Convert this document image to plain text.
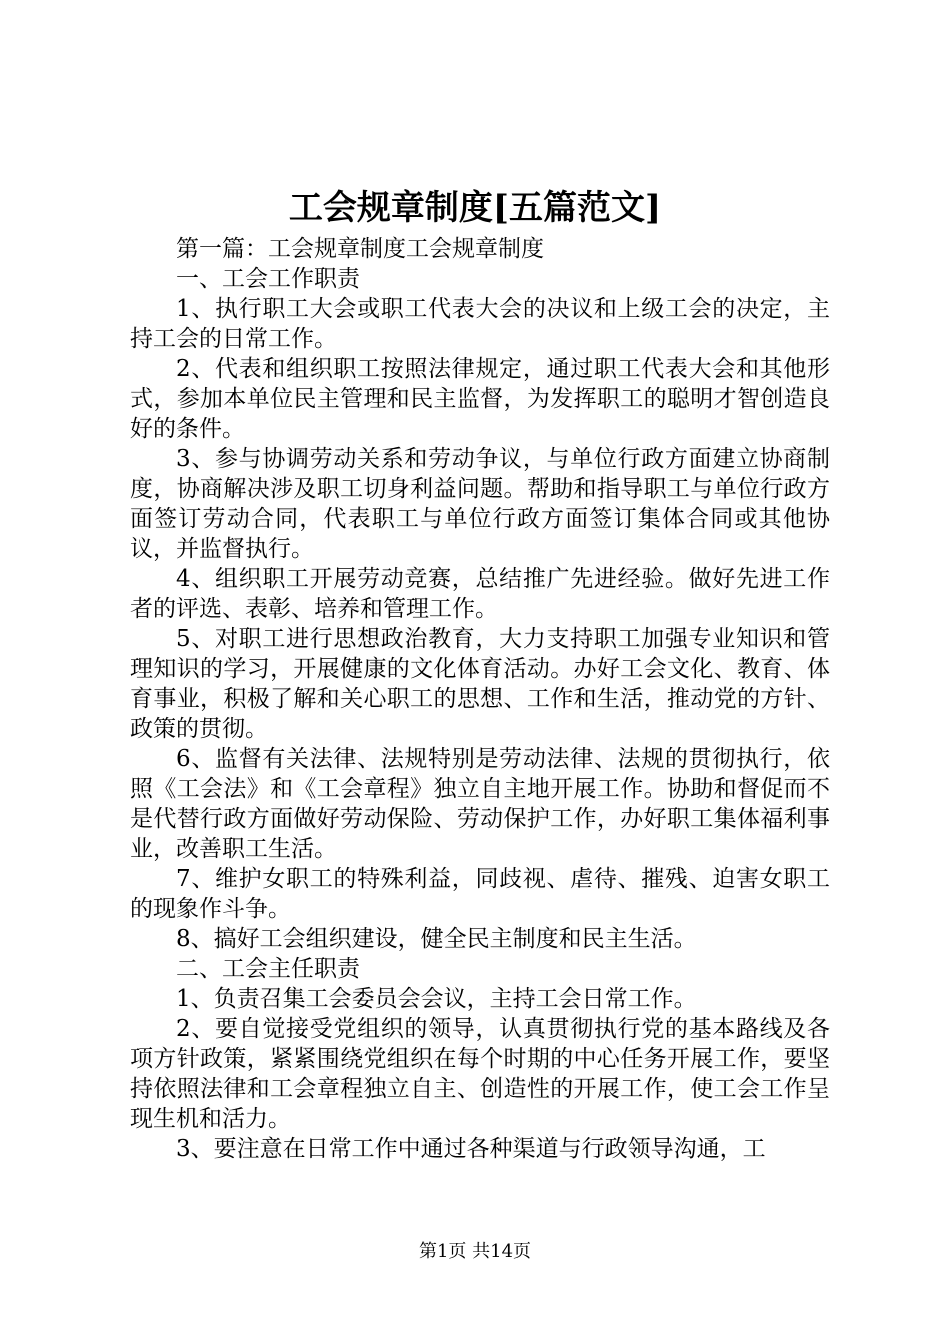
工会规章制度[五篇范文]

第一篇：工会规章制度工会规章制度

一、工会工作职责

1、执行职工大会或职工代表大会的决议和上级工会的决定，主持工会的日常工作。

2、代表和组织职工按照法律规定，通过职工代表大会和其他形式，参加本单位民主管理和民主监督，为发挥职工的聪明才智创造良好的条件。

3、参与协调劳动关系和劳动争议，与单位行政方面建立协商制度，协商解决涉及职工切身利益问题。帮助和指导职工与单位行政方面签订劳动合同，代表职工与单位行政方面签订集体合同或其他协议，并监督执行。

4、组织职工开展劳动竞赛，总结推广先进经验。做好先进工作者的评选、表彰、培养和管理工作。

5、对职工进行思想政治教育，大力支持职工加强专业知识和管理知识的学习，开展健康的文化体育活动。办好工会文化、教育、体育事业，积极了解和关心职工的思想、工作和生活，推动党的方针、政策的贯彻。

6、监督有关法律、法规特别是劳动法律、法规的贯彻执行，依照《工会法》和《工会章程》独立自主地开展工作。协助和督促而不是代替行政方面做好劳动保险、劳动保护工作，办好职工集体福利事业，改善职工生活。

7、维护女职工的特殊利益，同歧视、虐待、摧残、迫害女职工的现象作斗争。

8、搞好工会组织建设，健全民主制度和民主生活。

二、工会主任职责

1、负责召集工会委员会会议，主持工会日常工作。

2、要自觉接受党组织的领导，认真贯彻执行党的基本路线及各项方针政策，紧紧围绕党组织在每个时期的中心任务开展工作，要坚持依照法律和工会章程独立自主、创造性的开展工作，使工会工作呈现生机和活力。

3、要注意在日常工作中通过各种渠道与行政领导沟通，工

第1页 共14页
